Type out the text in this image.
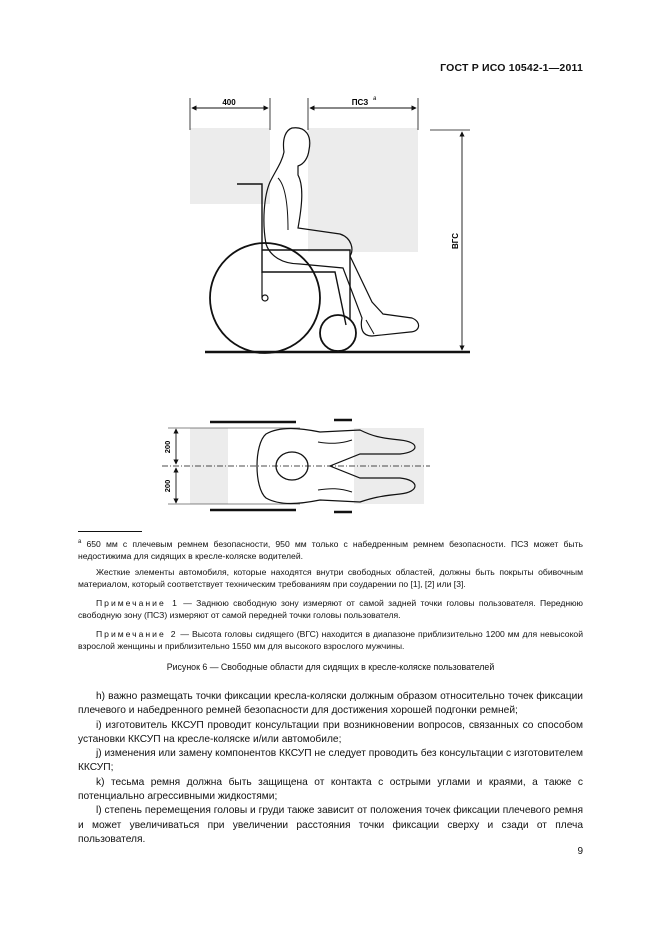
ГОСТ Р ИСО 10542-1—2011
400	ПСЗ a
ВГС
200
200
$^a$ 650 мм с плечевым ремнем безопасности, 950 мм только с набедренным ремнем безопасности. ПСЗ может быть недостижима для сидящих в кресле-коляске водителей.
Жесткие элементы автомобиля, которые находятся внутри свободных областей, должны быть покрыты обивочным материалом, который соответствует техническим требованиям при соударении по [1], [2] или [3].
Примечание 1 — Заднюю свободную зону измеряют от самой задней точки головы пользователя. Переднюю свободную зону (ПСЗ) измеряют от самой передней точки головы пользователя.
Примечание 2 — Высота головы сидящего (ВГС) находится в диапазоне приблизительно 1200 мм для невысокой взрослой женщины и приблизительно 1550 мм для высокого взрослого мужчины.
Рисунок 6 — Свободные области для сидящих в кресле-коляске пользователей

h) важно размещать точки фиксации кресла-коляски должным образом относительно точек фиксации плечевого и набедренного ремней безопасности для достижения хорошей подгонки ремней;

i) изготовитель ККСУП проводит консультации при возникновении вопросов, связанных со способом установки ККСУП на кресле-коляске и/или автомобиле;

j) изменения или замену компонентов ККСУП не следует проводить без консультации с изготовителем ККСУП;

k) тесьма ремня должна быть защищена от контакта с острыми углами и краями, а также с потенциально агрессивными жидкостями;

l) степень перемещения головы и груди также зависит от положения точек фиксации плечевого ремня и может увеличиваться при увеличении расстояния точки фиксации сверху и сзади от плеча пользователя.

9
